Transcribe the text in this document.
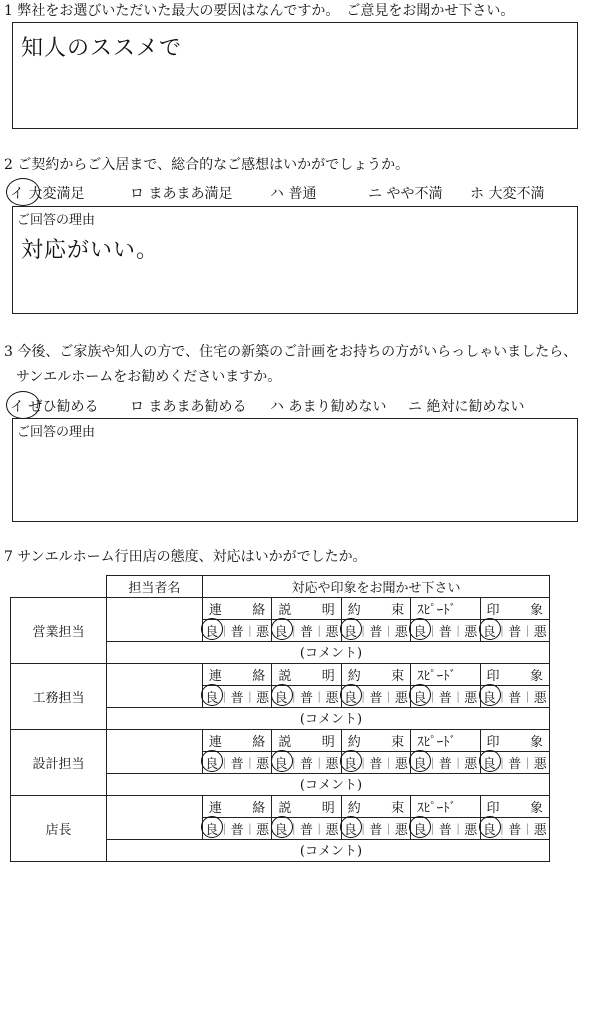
1 弊社をお選びいただいた最大の要因はなんですか。　ご意見をお聞かせ下さい。
知人のススメで
2 ご契約からご入居まで、総合的なご感想はいかがでしょうか。
イ 大変満足	ロ まあまあ満足	ハ 普通	ニ やや不満 ホ 大変不満
ご回答の理由
対応がいい。
3 今後、ご家族や知人の方で、住宅の新築のご計画をお持ちの方がいらっしゃいましたら、
サンエルホームをお勧めくださいますか。
イ ぜひ勧める ロ まあまあ勧める ハ あまり勧めない ニ 絶対に勧めない
ご回答の理由
7 サンエルホーム行田店の態度、対応はいかがでしたか。
	担当者名	対応や印象をお聞かせ下さい				
営業担当		連 絡	説 明	約 束	ｽﾋﾟｰﾄﾞ	印 象

		良 | 普 | 悪	良 | 普 | 悪	良 | 普 | 悪	良 | 普 | 悪	良 | 普 | 悪

	(コメント)					
工務担当		連 絡	説 明	約 束	ｽﾋﾟｰﾄﾞ	印 象

		良 | 普 | 悪	良 | 普 | 悪	良 | 普 | 悪	良 | 普 | 悪	良 | 普 | 悪

	(コメント)					
設計担当		連 絡	説 明	約 束	ｽﾋﾟｰﾄﾞ	印 象

		良 | 普 | 悪	良 | 普 | 悪	良 | 普 | 悪	良 | 普 | 悪	良 | 普 | 悪

	(コメント)					
店長		連 絡	説 明	約 束	ｽﾋﾟｰﾄﾞ	印 象

		良 | 普 | 悪	良 | 普 | 悪	良 | 普 | 悪	良 | 普 | 悪	良 | 普 | 悪

	(コメント)					
